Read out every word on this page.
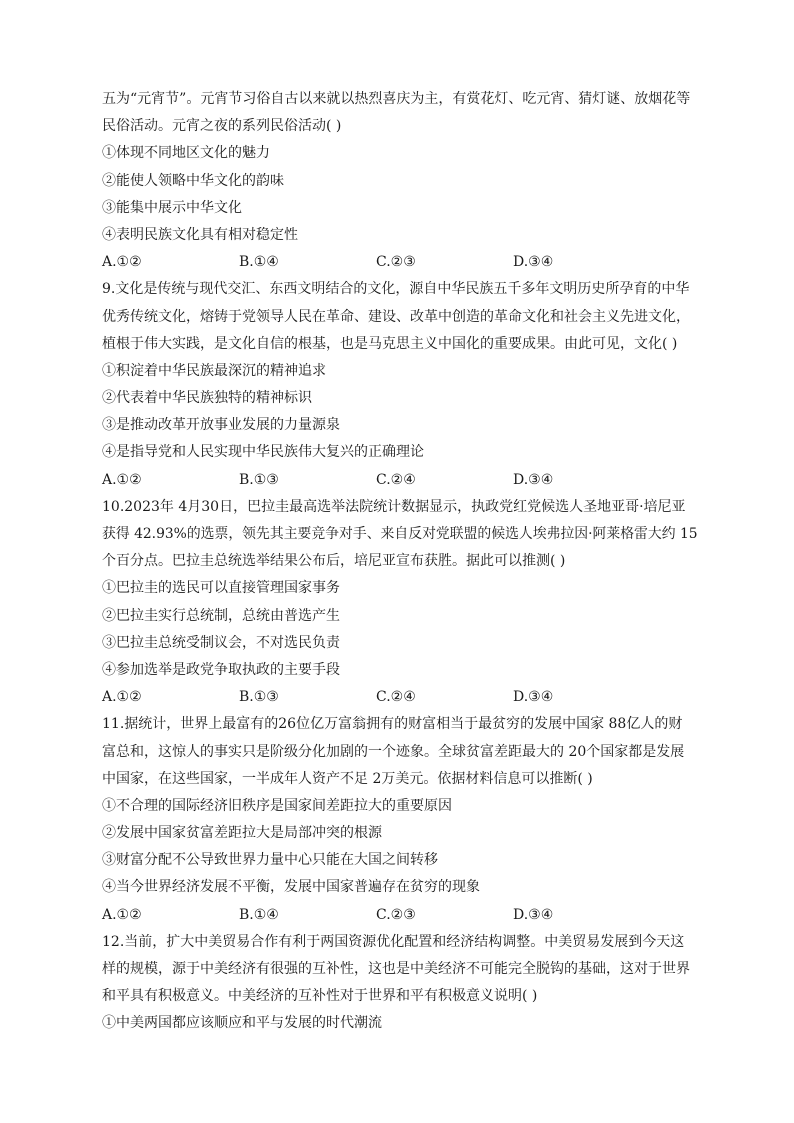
五为“元宵节”。元宵节习俗自古以来就以热烈喜庆为主，有赏花灯、吃元宵、猜灯谜、放烟花等
民俗活动。元宵之夜的系列民俗活动( )
①体现不同地区文化的魅力
②能使人领略中华文化的韵味
③能集中展示中华文化
④表明民族文化具有相对稳定性
A.①②	B.①④	C.②③	D.③④
9.文化是传统与现代交汇、东西文明结合的文化，源自中华民族五千多年文明历史所孕育的中华
优秀传统文化，熔铸于党领导人民在革命、建设、改革中创造的革命文化和社会主义先进文化，
植根于伟大实践，是文化自信的根基，也是马克思主义中国化的重要成果。由此可见，文化( )
①积淀着中华民族最深沉的精神追求
②代表着中华民族独特的精神标识
③是推动改革开放事业发展的力量源泉
④是指导党和人民实现中华民族伟大复兴的正确理论
A.①②	B.①③	C.②④	D.③④
10.2023年 4月30日，巴拉圭最高选举法院统计数据显示，执政党红党候选人圣地亚哥·培尼亚
获得 42.93%的选票，领先其主要竞争对手、来自反对党联盟的候选人埃弗拉因·阿莱格雷大约 15
个百分点。巴拉圭总统选举结果公布后，培尼亚宣布获胜。据此可以推测( )
①巴拉圭的选民可以直接管理国家事务
②巴拉圭实行总统制，总统由普选产生
③巴拉圭总统受制议会，不对选民负责
④参加选举是政党争取执政的主要手段
A.①②	B.①③	C.②④	D.③④
11.据统计，世界上最富有的26位亿万富翁拥有的财富相当于最贫穷的发展中国家 88亿人的财
富总和，这惊人的事实只是阶级分化加剧的一个迹象。全球贫富差距最大的 20个国家都是发展
中国家，在这些国家，一半成年人资产不足 2万美元。依据材料信息可以推断( )
①不合理的国际经济旧秩序是国家间差距拉大的重要原因
②发展中国家贫富差距拉大是局部冲突的根源
③财富分配不公导致世界力量中心只能在大国之间转移
④当今世界经济发展不平衡，发展中国家普遍存在贫穷的现象
A.①②	B.①④	C.②③	D.③④
12.当前，扩大中美贸易合作有利于两国资源优化配置和经济结构调整。中美贸易发展到今天这
样的规模，源于中美经济有很强的互补性，这也是中美经济不可能完全脱钩的基础，这对于世界
和平具有积极意义。中美经济的互补性对于世界和平有积极意义说明( )
①中美两国都应该顺应和平与发展的时代潮流
